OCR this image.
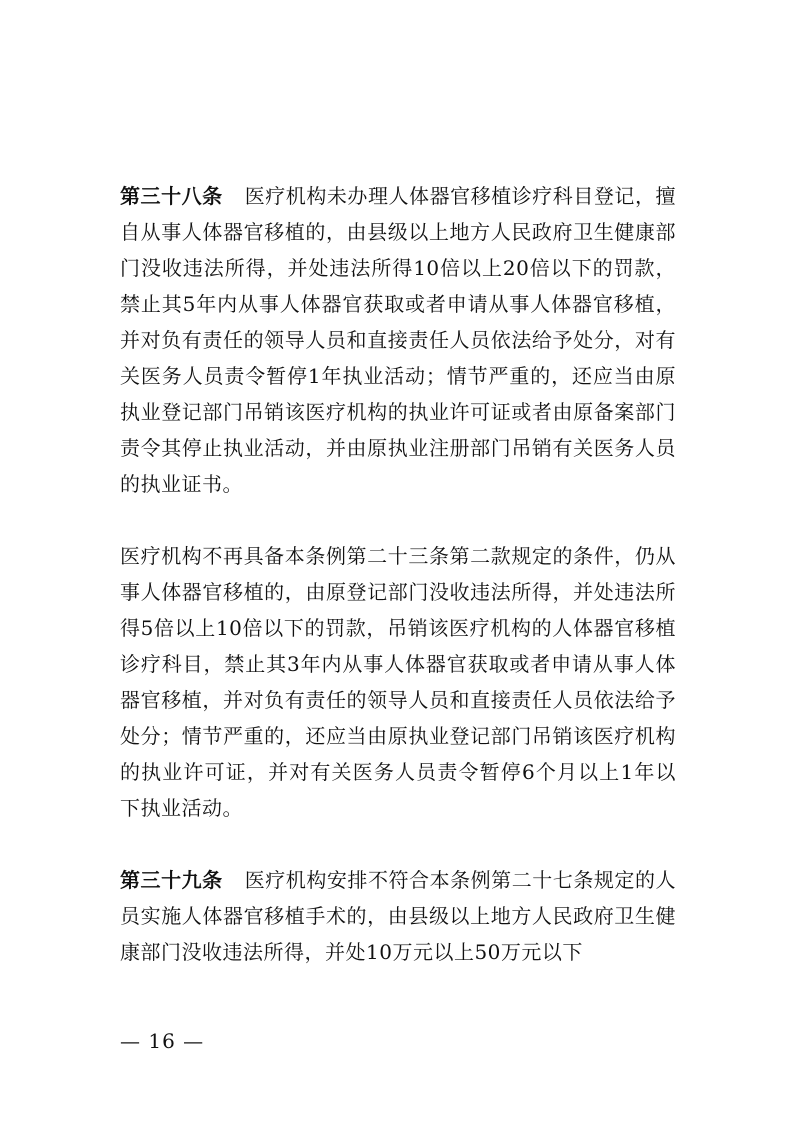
第三十八条 医疗机构未办理人体器官移植诊疗科目登记，擅自从事人体器官移植的，由县级以上地方人民政府卫生健康部门没收违法所得，并处违法所得10倍以上20倍以下的罚款，禁止其5年内从事人体器官获取或者申请从事人体器官移植，并对负有责任的领导人员和直接责任人员依法给予处分，对有关医务人员责令暂停1年执业活动；情节严重的，还应当由原执业登记部门吊销该医疗机构的执业许可证或者由原备案部门责令其停止执业活动，并由原执业注册部门吊销有关医务人员的执业证书。

医疗机构不再具备本条例第二十三条第二款规定的条件，仍从事人体器官移植的，由原登记部门没收违法所得，并处违法所得5倍以上10倍以下的罚款，吊销该医疗机构的人体器官移植诊疗科目，禁止其3年内从事人体器官获取或者申请从事人体器官移植，并对负有责任的领导人员和直接责任人员依法给予处分；情节严重的，还应当由原执业登记部门吊销该医疗机构的执业许可证，并对有关医务人员责令暂停6个月以上1年以下执业活动。

第三十九条 医疗机构安排不符合本条例第二十七条规定的人员实施人体器官移植手术的，由县级以上地方人民政府卫生健康部门没收违法所得，并处10万元以上50万元以下

— 16 —
